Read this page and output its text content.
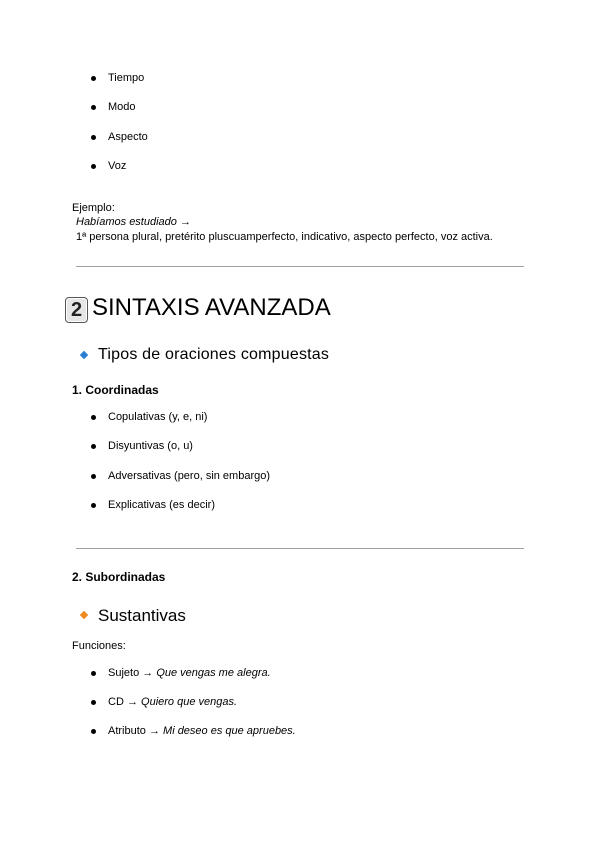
Tiempo
Modo
Aspecto
Voz
Ejemplo:
Habíamos estudiado →
1ª persona plural, pretérito pluscuamperfecto, indicativo, aspecto perfecto, voz activa.
2 SINTAXIS AVANZADA
Tipos de oraciones compuestas
1. Coordinadas
Copulativas (y, e, ni)
Disyuntivas (o, u)
Adversativas (pero, sin embargo)
Explicativas (es decir)
2. Subordinadas
Sustantivas
Funciones:
Sujeto → Que vengas me alegra.
CD → Quiero que vengas.
Atributo → Mi deseo es que apruebes.
